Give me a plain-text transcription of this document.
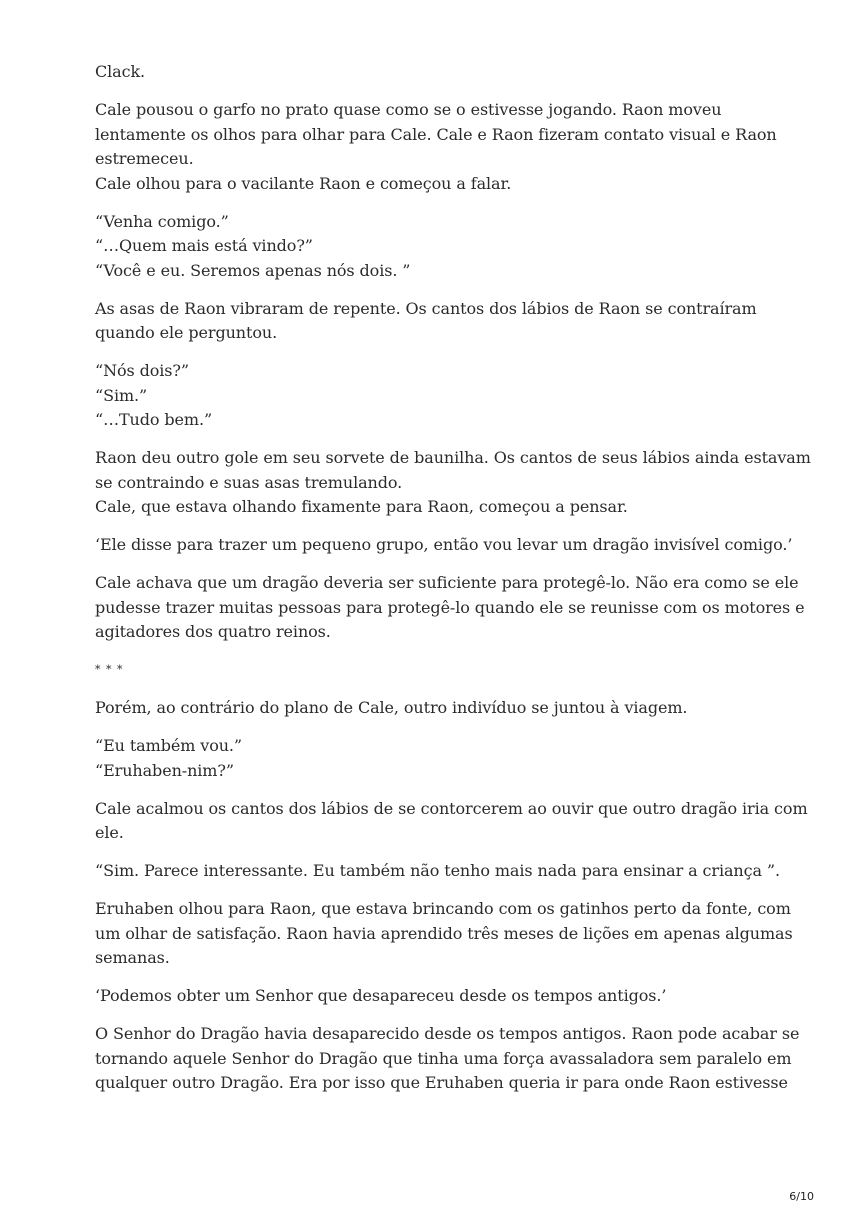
Clack.

Cale pousou o garfo no prato quase como se o estivesse jogando. Raon moveu
lentamente os olhos para olhar para Cale. Cale e Raon fizeram contato visual e Raon
estremeceu.
Cale olhou para o vacilante Raon e começou a falar.

“Venha comigo.”
“…Quem mais está vindo?”
“Você e eu. Seremos apenas nós dois. ”

As asas de Raon vibraram de repente. Os cantos dos lábios de Raon se contraíram
quando ele perguntou.

“Nós dois?”
“Sim.”
“…Tudo bem.”

Raon deu outro gole em seu sorvete de baunilha. Os cantos de seus lábios ainda estavam
se contraindo e suas asas tremulando.
Cale, que estava olhando fixamente para Raon, começou a pensar.

‘Ele disse para trazer um pequeno grupo, então vou levar um dragão invisível comigo.’

Cale achava que um dragão deveria ser suficiente para protegê-lo. Não era como se ele
pudesse trazer muitas pessoas para protegê-lo quando ele se reunisse com os motores e
agitadores dos quatro reinos.

* * *

Porém, ao contrário do plano de Cale, outro indivíduo se juntou à viagem.

“Eu também vou.”
“Eruhaben-nim?”

Cale acalmou os cantos dos lábios de se contorcerem ao ouvir que outro dragão iria com
ele.

“Sim. Parece interessante. Eu também não tenho mais nada para ensinar a criança ”.

Eruhaben olhou para Raon, que estava brincando com os gatinhos perto da fonte, com
um olhar de satisfação. Raon havia aprendido três meses de lições em apenas algumas
semanas.

‘Podemos obter um Senhor que desapareceu desde os tempos antigos.’

O Senhor do Dragão havia desaparecido desde os tempos antigos. Raon pode acabar se
tornando aquele Senhor do Dragão que tinha uma força avassaladora sem paralelo em
qualquer outro Dragão. Era por isso que Eruhaben queria ir para onde Raon estivesse

6/10
